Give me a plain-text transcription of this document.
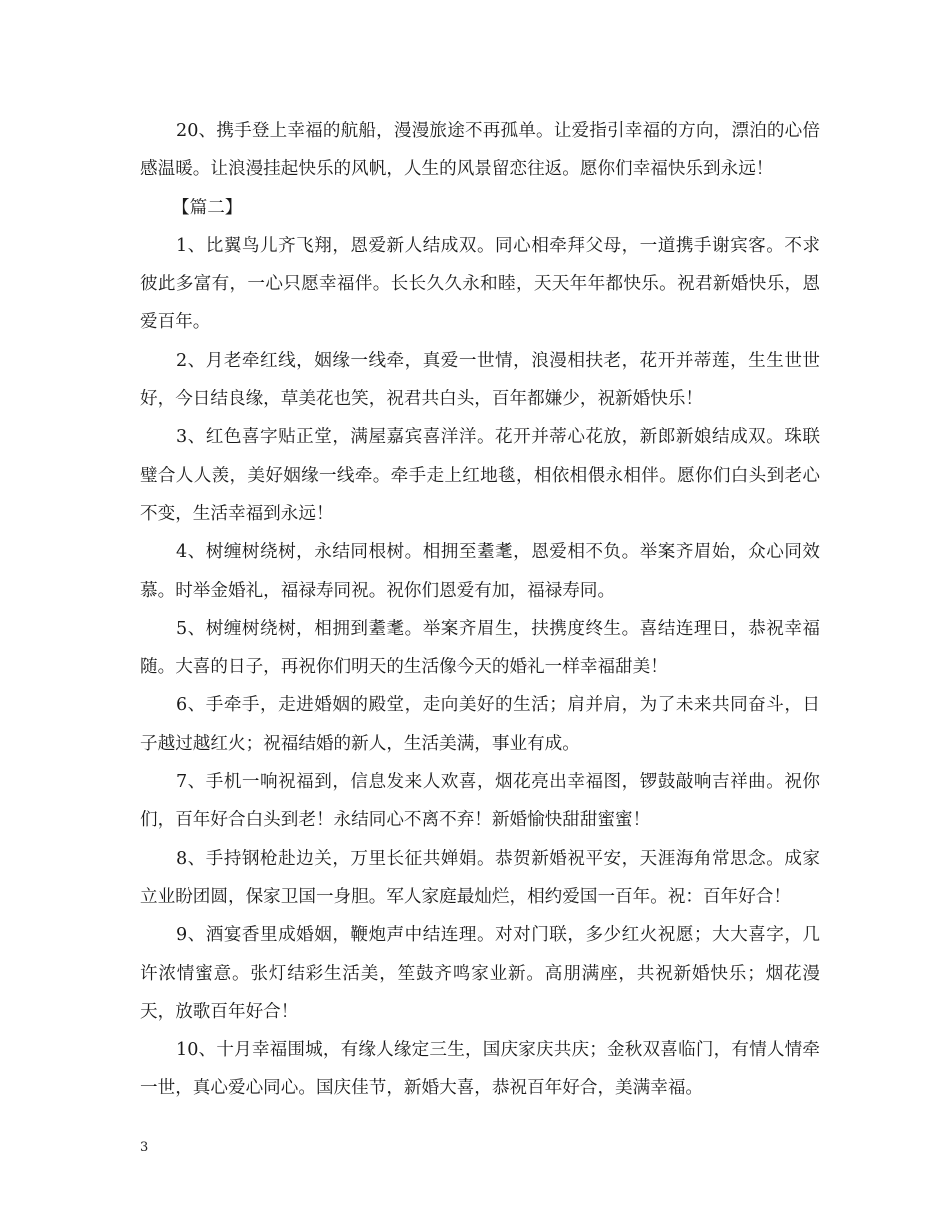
20、携手登上幸福的航船，漫漫旅途不再孤单。让爱指引幸福的方向，漂泊的心倍感温暖。让浪漫挂起快乐的风帆，人生的风景留恋往返。愿你们幸福快乐到永远！

【篇二】

1、比翼鸟儿齐飞翔，恩爱新人结成双。同心相牵拜父母，一道携手谢宾客。不求彼此多富有，一心只愿幸福伴。长长久久永和睦，天天年年都快乐。祝君新婚快乐，恩爱百年。

2、月老牵红线，姻缘一线牵，真爱一世情，浪漫相扶老，花开并蒂莲，生生世世好，今日结良缘，草美花也笑，祝君共白头，百年都嫌少，祝新婚快乐！

3、红色喜字贴正堂，满屋嘉宾喜洋洋。花开并蒂心花放，新郎新娘结成双。珠联璧合人人羡，美好姻缘一线牵。牵手走上红地毯，相依相偎永相伴。愿你们白头到老心不变，生活幸福到永远！

4、树缠树绕树，永结同根树。相拥至耋耄，恩爱相不负。举案齐眉始，众心同效慕。时举金婚礼，福禄寿同祝。祝你们恩爱有加，福禄寿同。

5、树缠树绕树，相拥到耋耄。举案齐眉生，扶携度终生。喜结连理日，恭祝幸福随。大喜的日子，再祝你们明天的生活像今天的婚礼一样幸福甜美！

6、手牵手，走进婚姻的殿堂，走向美好的生活；肩并肩，为了未来共同奋斗，日子越过越红火；祝福结婚的新人，生活美满，事业有成。

7、手机一响祝福到，信息发来人欢喜，烟花亮出幸福图，锣鼓敲响吉祥曲。祝你们，百年好合白头到老！永结同心不离不弃！新婚愉快甜甜蜜蜜！

8、手持钢枪赴边关，万里长征共婵娟。恭贺新婚祝平安，天涯海角常思念。成家立业盼团圆，保家卫国一身胆。军人家庭最灿烂，相约爱国一百年。祝：百年好合！

9、酒宴香里成婚姻，鞭炮声中结连理。对对门联，多少红火祝愿；大大喜字，几许浓情蜜意。张灯结彩生活美，笙鼓齐鸣家业新。高朋满座，共祝新婚快乐；烟花漫天，放歌百年好合！

10、十月幸福围城，有缘人缘定三生，国庆家庆共庆；金秋双喜临门，有情人情牵一世，真心爱心同心。国庆佳节，新婚大喜，恭祝百年好合，美满幸福。

3
